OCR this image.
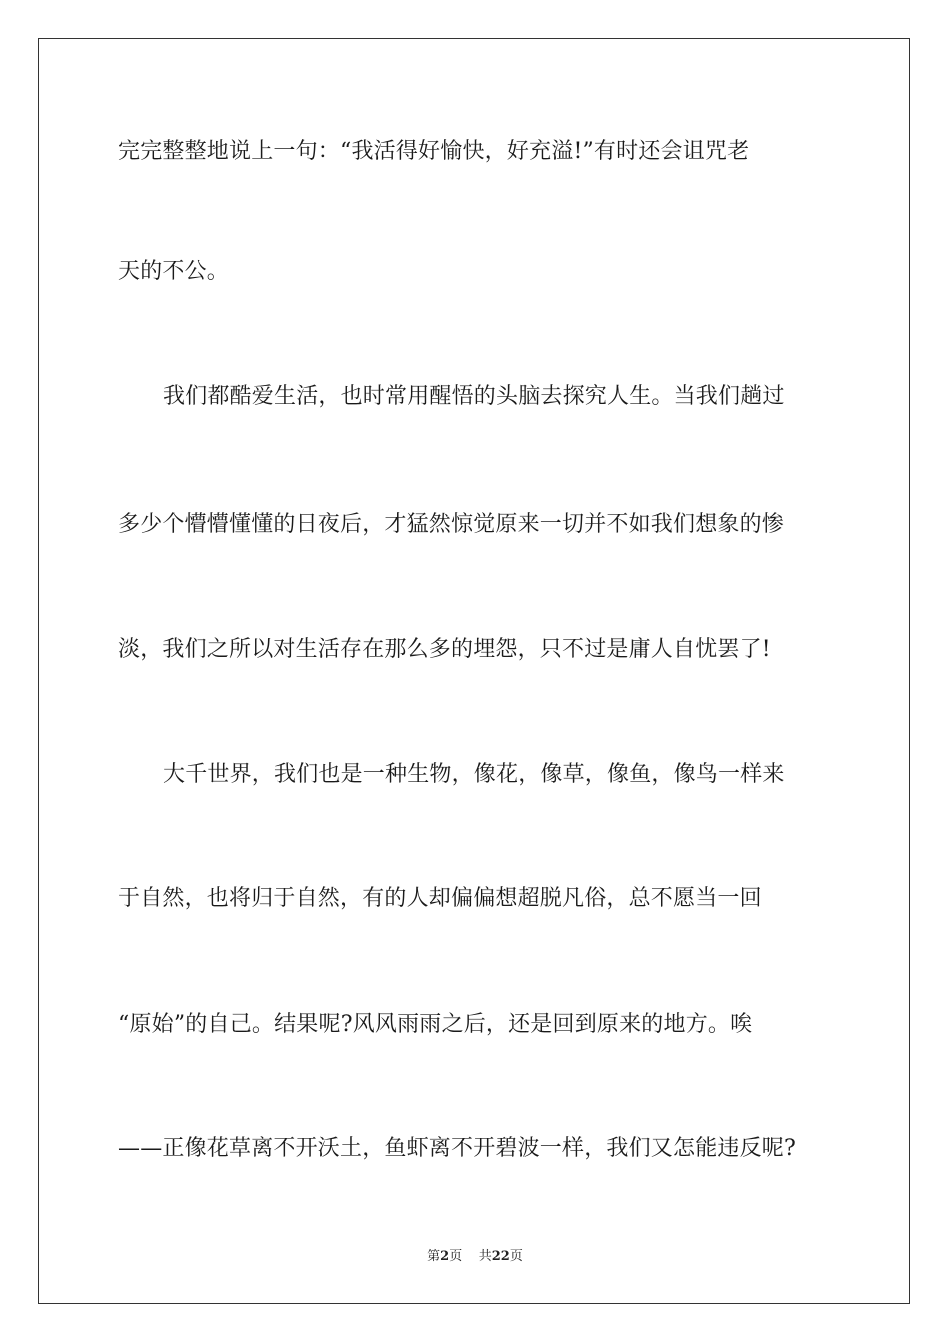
完完整整地说上一句：“我活得好愉快，好充溢!”有时还会诅咒老
天的不公。
我们都酷爱生活，也时常用醒悟的头脑去探究人生。当我们趟过
多少个懵懵懂懂的日夜后，才猛然惊觉原来一切并不如我们想象的惨
淡，我们之所以对生活存在那么多的埋怨，只不过是庸人自忧罢了!
大千世界，我们也是一种生物，像花，像草，像鱼，像鸟一样来
于自然，也将归于自然，有的人却偏偏想超脱凡俗，总不愿当一回
“原始”的自己。结果呢?风风雨雨之后，还是回到原来的地方。唉
——正像花草离不开沃土，鱼虾离不开碧波一样，我们又怎能违反呢?
第2页 共22页
